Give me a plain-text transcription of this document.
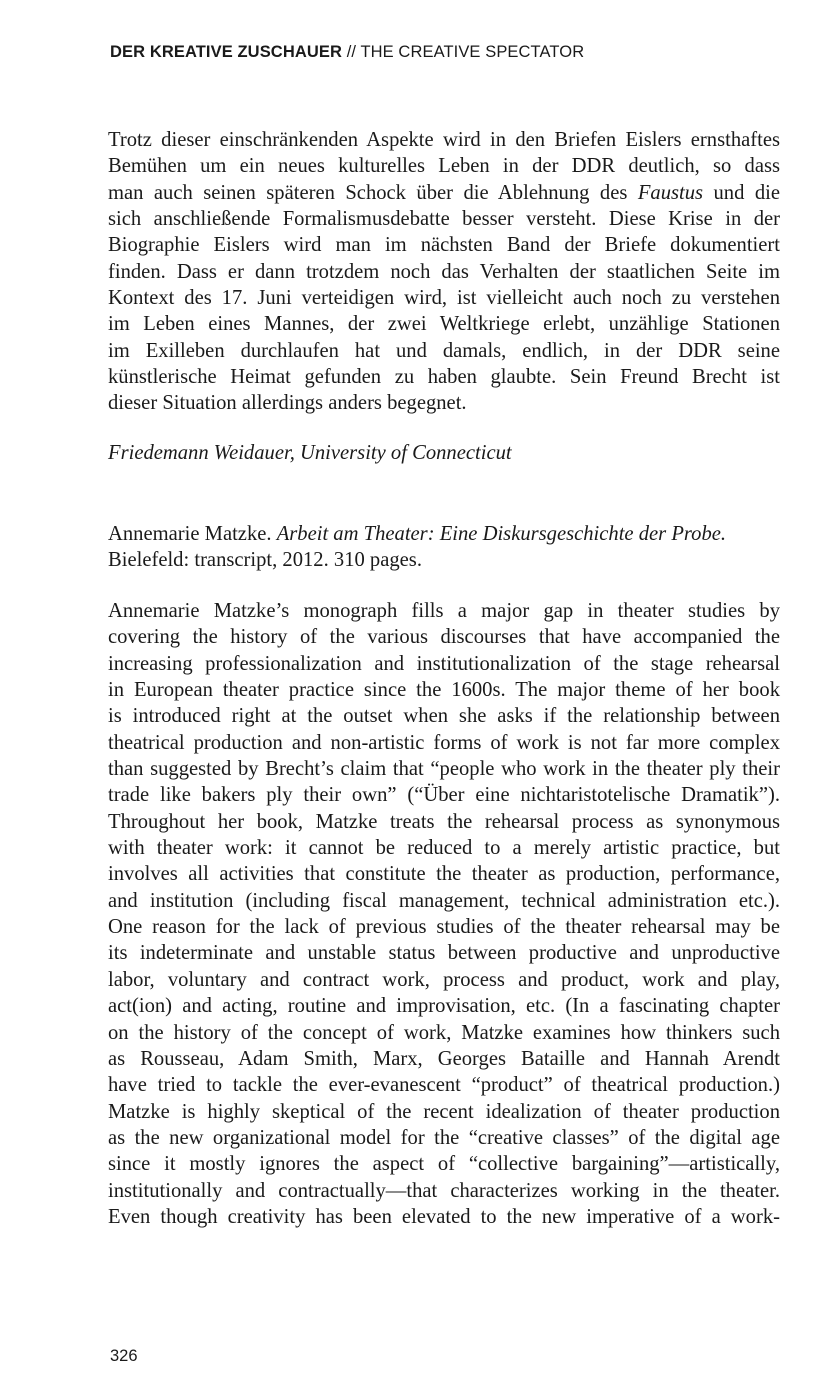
DER KREATIVE ZUSCHAUER // THE CREATIVE SPECTATOR
Trotz dieser einschränkenden Aspekte wird in den Briefen Eislers ernsthaftes
Bemühen um ein neues kulturelles Leben in der DDR deutlich, so dass
man auch seinen späteren Schock über die Ablehnung des Faustus und die
sich anschließende Formalismusdebatte besser versteht. Diese Krise in der
Biographie Eislers wird man im nächsten Band der Briefe dokumentiert
finden. Dass er dann trotzdem noch das Verhalten der staatlichen Seite im
Kontext des 17. Juni verteidigen wird, ist vielleicht auch noch zu verstehen
im Leben eines Mannes, der zwei Weltkriege erlebt, unzählige Stationen
im Exilleben durchlaufen hat und damals, endlich, in der DDR seine
künstlerische Heimat gefunden zu haben glaubte. Sein Freund Brecht ist
dieser Situation allerdings anders begegnet.
Friedemann Weidauer, University of Connecticut
Annemarie Matzke. Arbeit am Theater: Eine Diskursgeschichte der Probe.
Bielefeld: transcript, 2012. 310 pages.
Annemarie Matzke’s monograph fills a major gap in theater studies by
covering the history of the various discourses that have accompanied the
increasing professionalization and institutionalization of the stage rehearsal
in European theater practice since the 1600s. The major theme of her book
is introduced right at the outset when she asks if the relationship between
theatrical production and non-artistic forms of work is not far more complex
than suggested by Brecht’s claim that “people who work in the theater ply their
trade like bakers ply their own” (“Über eine nichtaristotelische Dramatik”).
Throughout her book, Matzke treats the rehearsal process as synonymous
with theater work: it cannot be reduced to a merely artistic practice, but
involves all activities that constitute the theater as production, performance,
and institution (including fiscal management, technical administration etc.).
One reason for the lack of previous studies of the theater rehearsal may be
its indeterminate and unstable status between productive and unproductive
labor, voluntary and contract work, process and product, work and play,
act(ion) and acting, routine and improvisation, etc. (In a fascinating chapter
on the history of the concept of work, Matzke examines how thinkers such
as Rousseau, Adam Smith, Marx, Georges Bataille and Hannah Arendt
have tried to tackle the ever-evanescent “product” of theatrical production.)
Matzke is highly skeptical of the recent idealization of theater production
as the new organizational model for the “creative classes” of the digital age
since it mostly ignores the aspect of “collective bargaining”—artistically,
institutionally and contractually—that characterizes working in the theater.
Even though creativity has been elevated to the new imperative of a work-
326
